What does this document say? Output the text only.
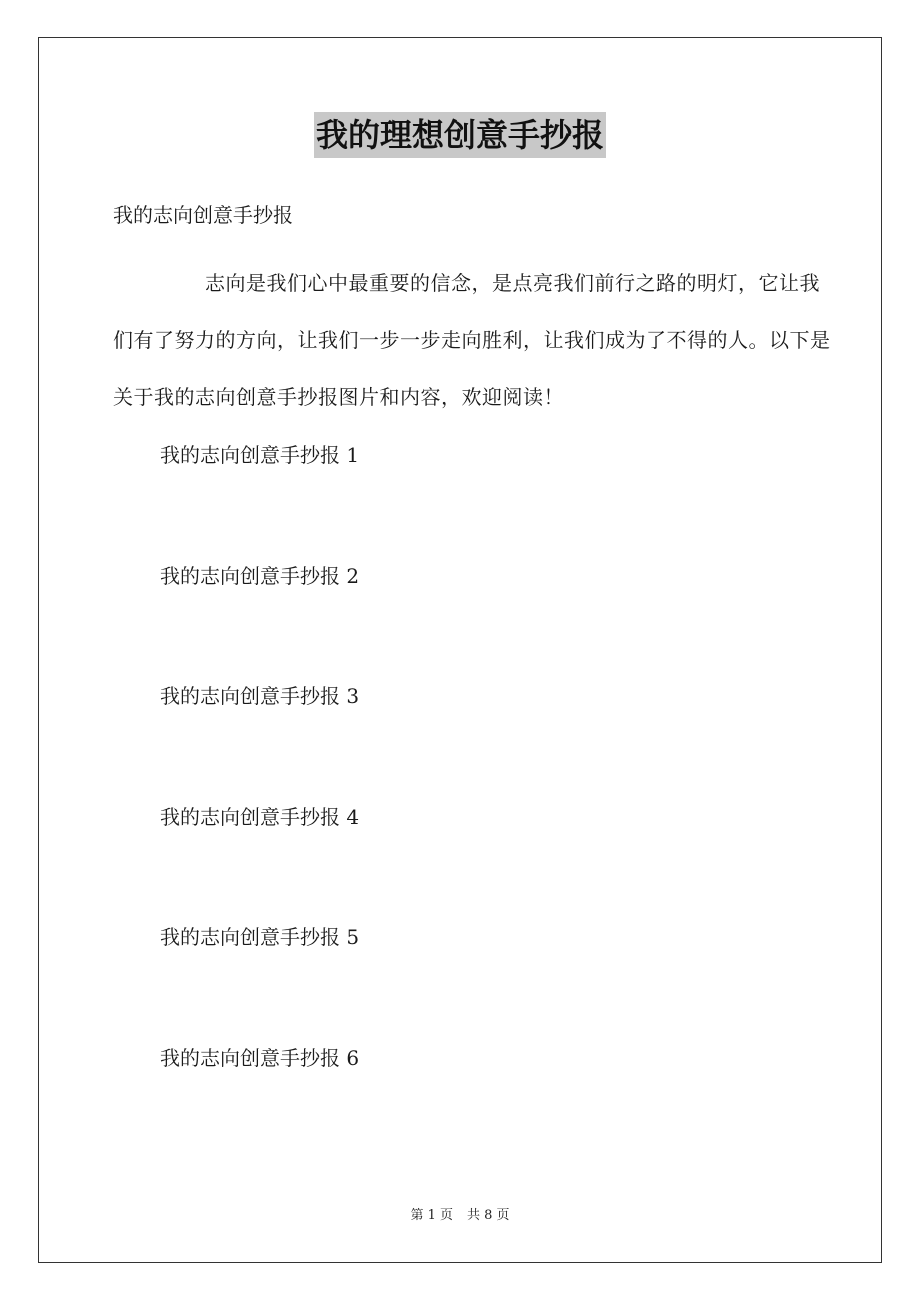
我的理想创意手抄报

我的志向创意手抄报

志向是我们心中最重要的信念，是点亮我们前行之路的明灯，它让我们有了努力的方向，让我们一步一步走向胜利，让我们成为了不得的人。以下是关于我的志向创意手抄报图片和内容，欢迎阅读！

我的志向创意手抄报 1
我的志向创意手抄报 2
我的志向创意手抄报 3
我的志向创意手抄报 4
我的志向创意手抄报 5
我的志向创意手抄报 6
第 1 页 共 8 页
